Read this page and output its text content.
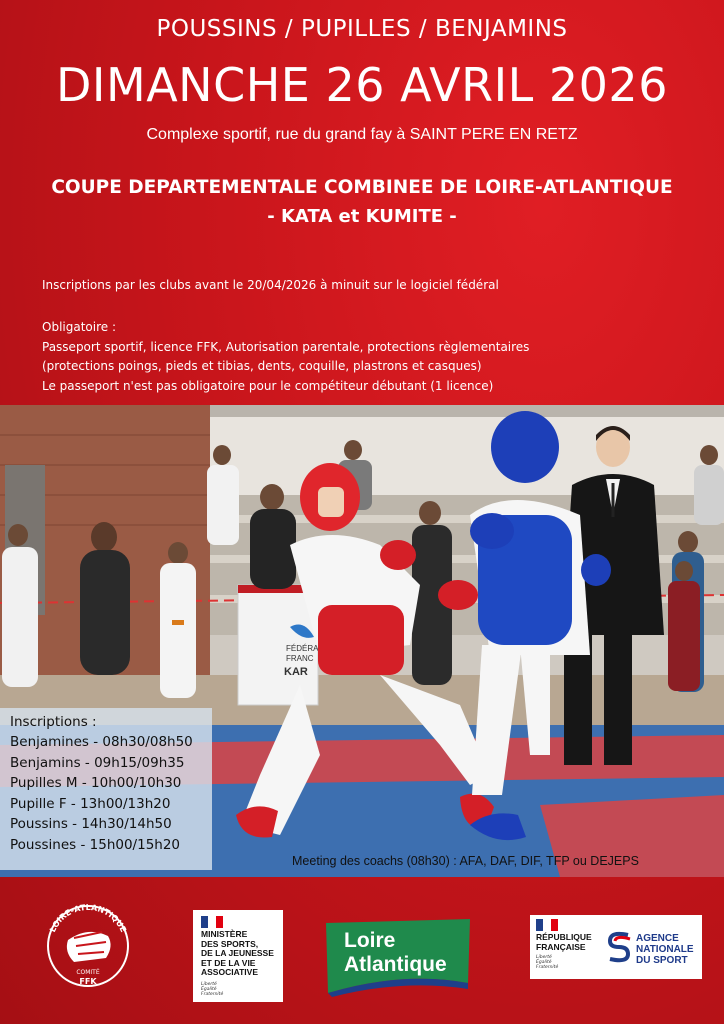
POUSSINS / PUPILLES / BENJAMINS
DIMANCHE 26 AVRIL 2026
Complexe sportif, rue du grand fay à SAINT PERE EN RETZ
COUPE DEPARTEMENTALE COMBINEE DE LOIRE-ATLANTIQUE
- KATA et KUMITE -
Inscriptions par les clubs avant le 20/04/2026 à minuit sur le logiciel fédéral
Obligatoire :
Passeport sportif, licence FFK, Autorisation parentale, protections règlementaires
(protections poings, pieds et tibias, dents, coquille, plastrons et casques)
Le passeport n'est pas obligatoire pour le compétiteur débutant (1 licence)
FÉDÉRA
FRANC
KAR
Inscriptions :
Benjamines - 08h30/08h50
Benjamins - 09h15/09h35
Pupilles M - 10h00/10h30
Pupille F - 13h00/13h20
Poussins - 14h30/14h50
Poussines - 15h00/15h20
Meeting des coachs (08h30) : AFA, DAF, DIF, TFP ou DEJEPS
LOIRE-ATLANTIQUE
COMITÉ
FFK
MINISTÈRE
DES SPORTS,
DE LA JEUNESSE
ET DE LA VIE
ASSOCIATIVE
Liberté
Égalité
Fraternité
Loire
Atlantique
RÉPUBLIQUE
FRANÇAISE
Liberté
Égalité
Fraternité
AGENCE
NATIONALE
DU SPORT
